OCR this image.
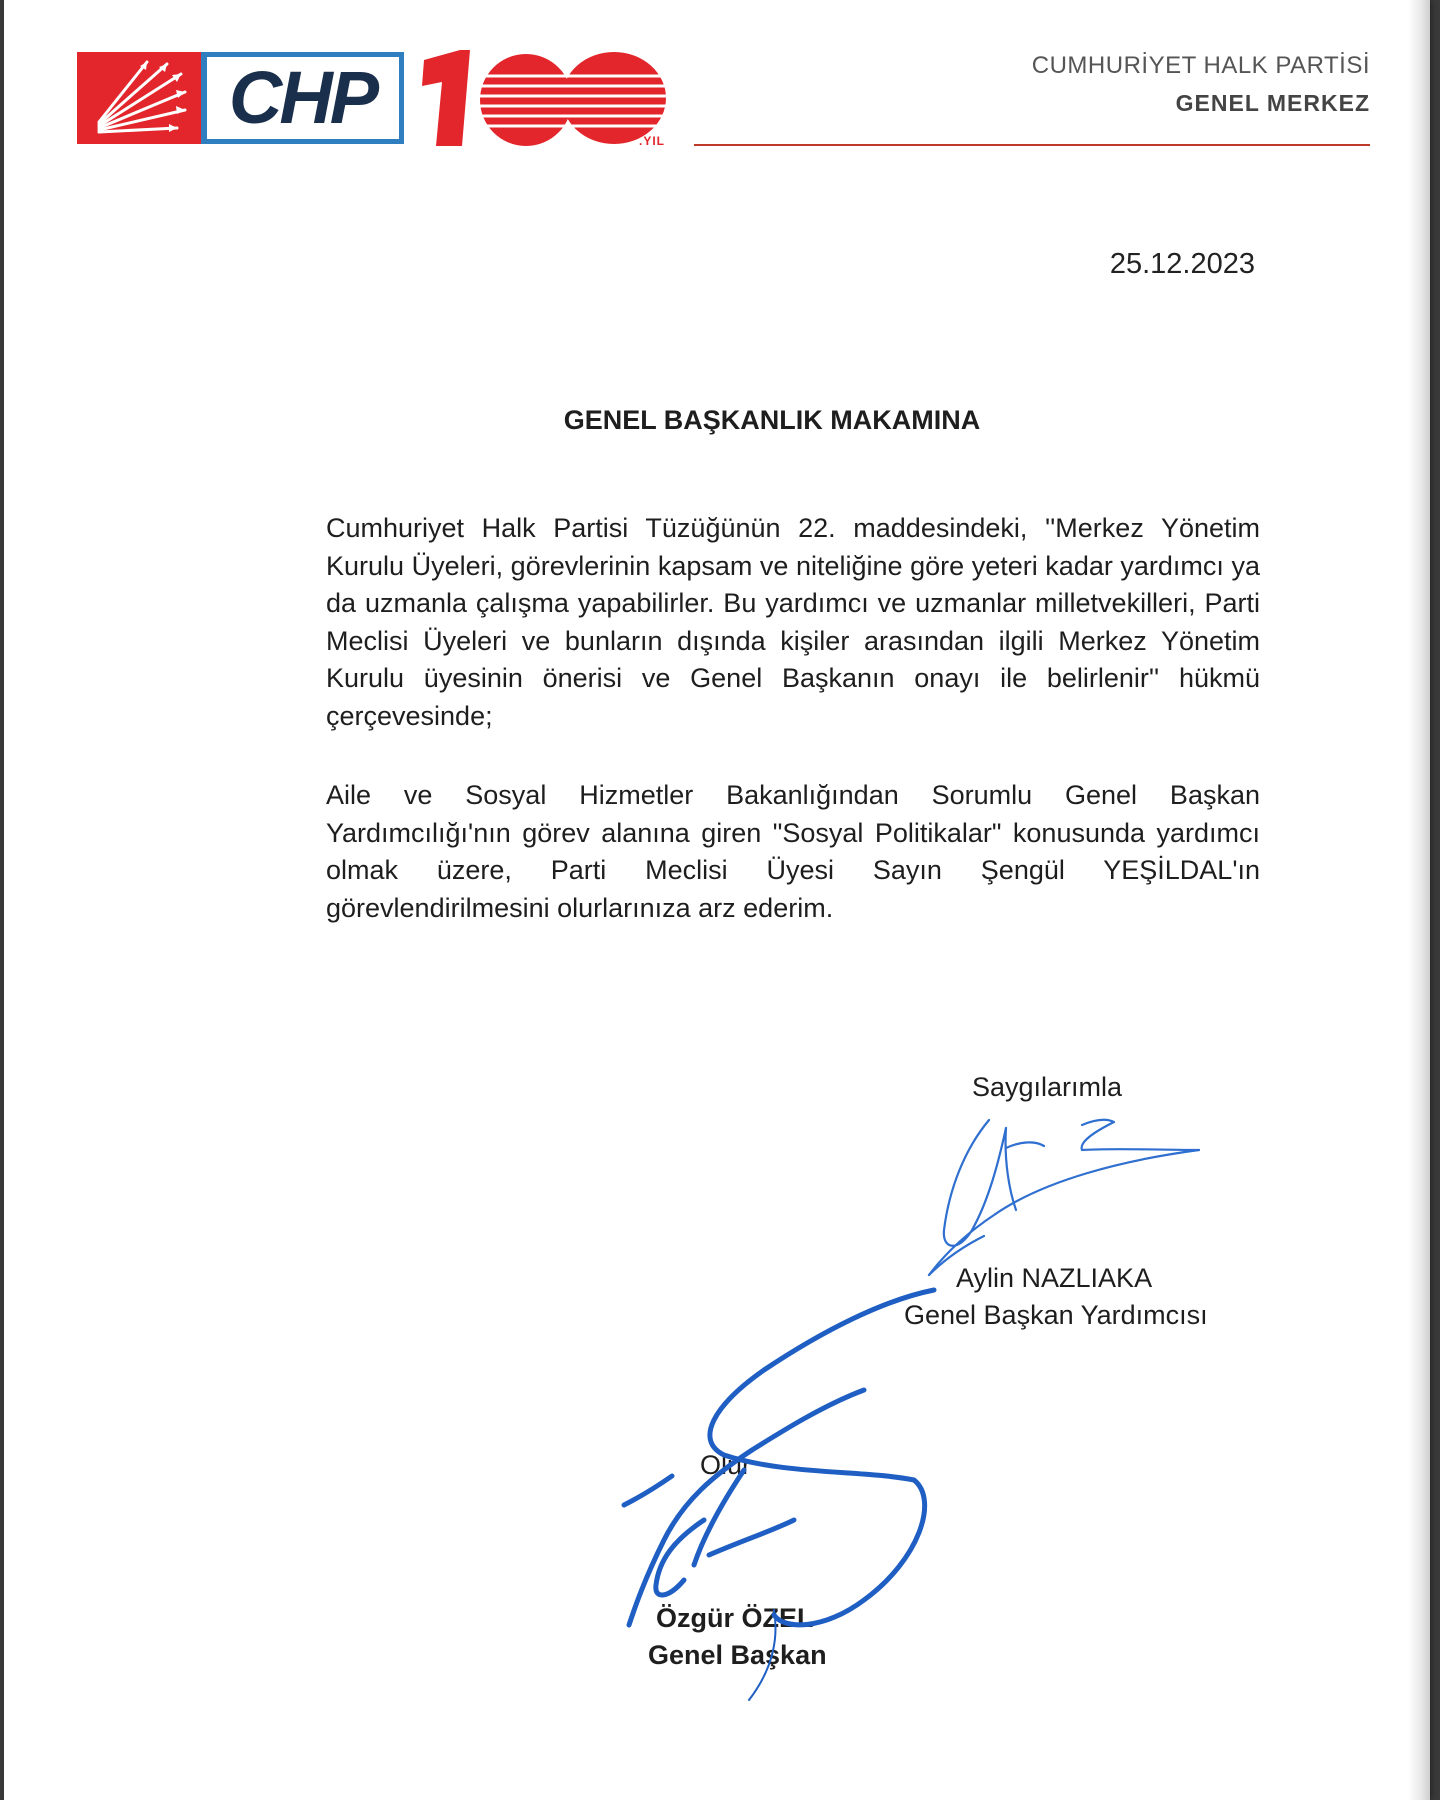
CHP
.YIL
CUMHURİYET HALK PARTİSİ
GENEL MERKEZ
25.12.2023
GENEL BAŞKANLIK MAKAMINA
Cumhuriyet Halk Partisi Tüzüğünün 22. maddesindeki, ''Merkez Yönetim Kurulu Üyeleri, görevlerinin kapsam ve niteliğine göre yeteri kadar yardımcı ya da uzmanla çalışma yapabilirler. Bu yardımcı ve uzmanlar milletvekilleri, Parti Meclisi Üyeleri ve bunların dışında kişiler arasından ilgili Merkez Yönetim Kurulu üyesinin önerisi ve Genel Başkanın onayı ile belirlenir'' hükmü çerçevesinde;
Aile ve Sosyal Hizmetler Bakanlığından Sorumlu Genel Başkan Yardımcılığı'nın görev alanına giren "Sosyal Politikalar" konusunda yardımcı olmak üzere, Parti Meclisi Üyesi Sayın Şengül YEŞİLDAL'ın görevlendirilmesini olurlarınıza arz ederim.
Saygılarımla
Aylin NAZLIAKA
Genel Başkan Yardımcısı
Olur
Özgür ÖZEL
Genel Başkan
